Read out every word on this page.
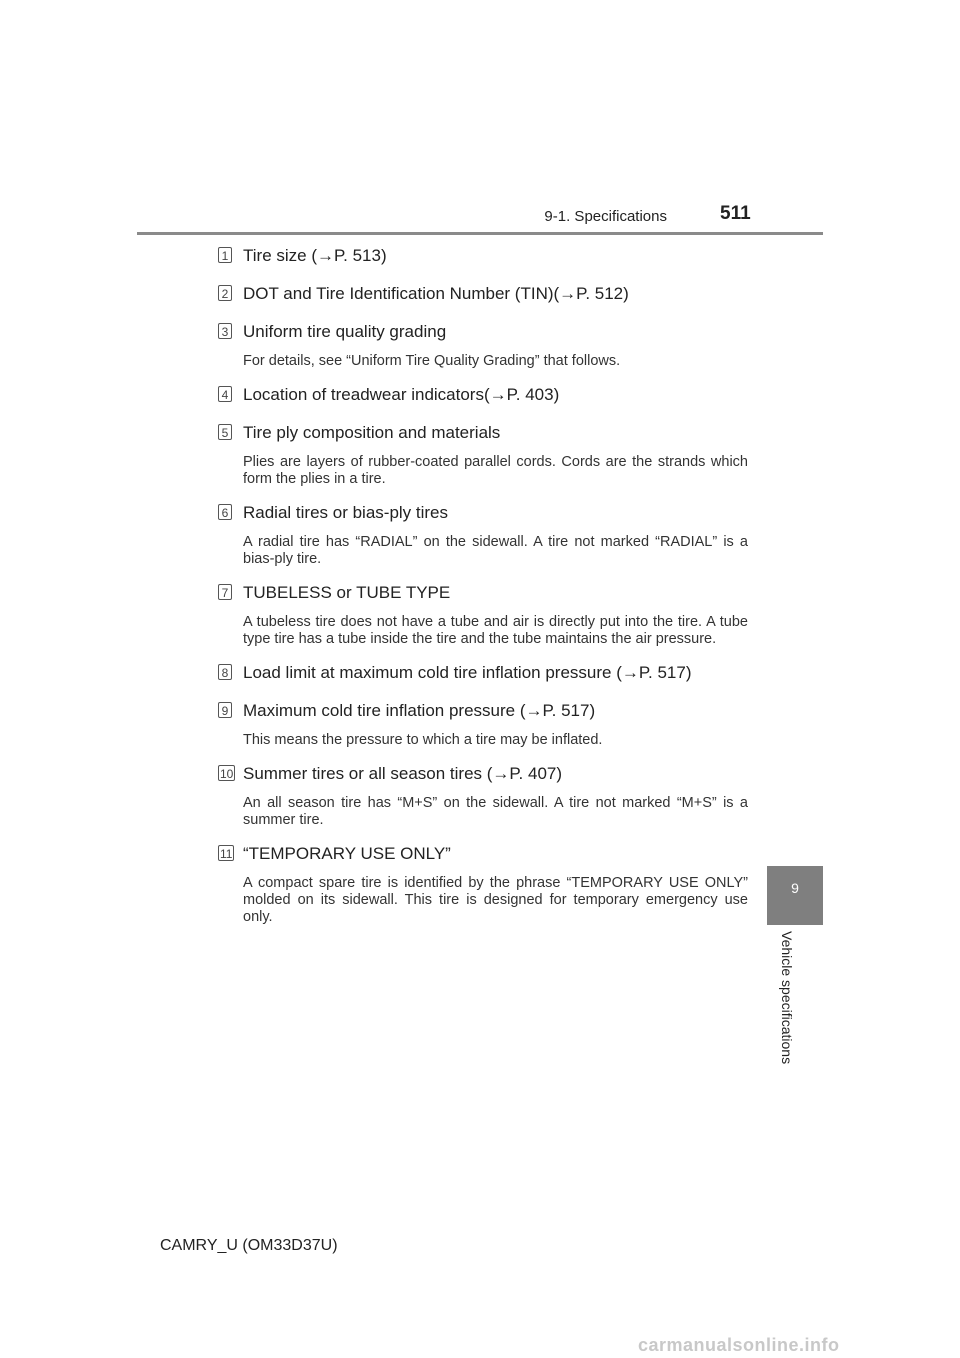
9-1. Specifications	511
9
Vehicle specifications
1 Tire size (→P. 513)
2 DOT and Tire Identification Number (TIN)(→P. 512)
3 Uniform tire quality grading
For details, see “Uniform Tire Quality Grading” that follows.
4 Location of treadwear indicators(→P. 403)
5 Tire ply composition and materials
Plies are layers of rubber-coated parallel cords. Cords are the strands which form the plies in a tire.
6 Radial tires or bias-ply tires
A radial tire has “RADIAL” on the sidewall. A tire not marked “RADIAL” is a bias-ply tire.
7 TUBELESS or TUBE TYPE
A tubeless tire does not have a tube and air is directly put into the tire. A tube type tire has a tube inside the tire and the tube maintains the air pressure.
8 Load limit at maximum cold tire inflation pressure (→P. 517)
9 Maximum cold tire inflation pressure (→P. 517)
This means the pressure to which a tire may be inflated.
10 Summer tires or all season tires (→P. 407)
An all season tire has “M+S” on the sidewall. A tire not marked “M+S” is a summer tire.
11 “TEMPORARY USE ONLY”
A compact spare tire is identified by the phrase “TEMPORARY USE ONLY” molded on its sidewall. This tire is designed for temporary emergency use only.
CAMRY_U (OM33D37U)
carmanualsonline.info
